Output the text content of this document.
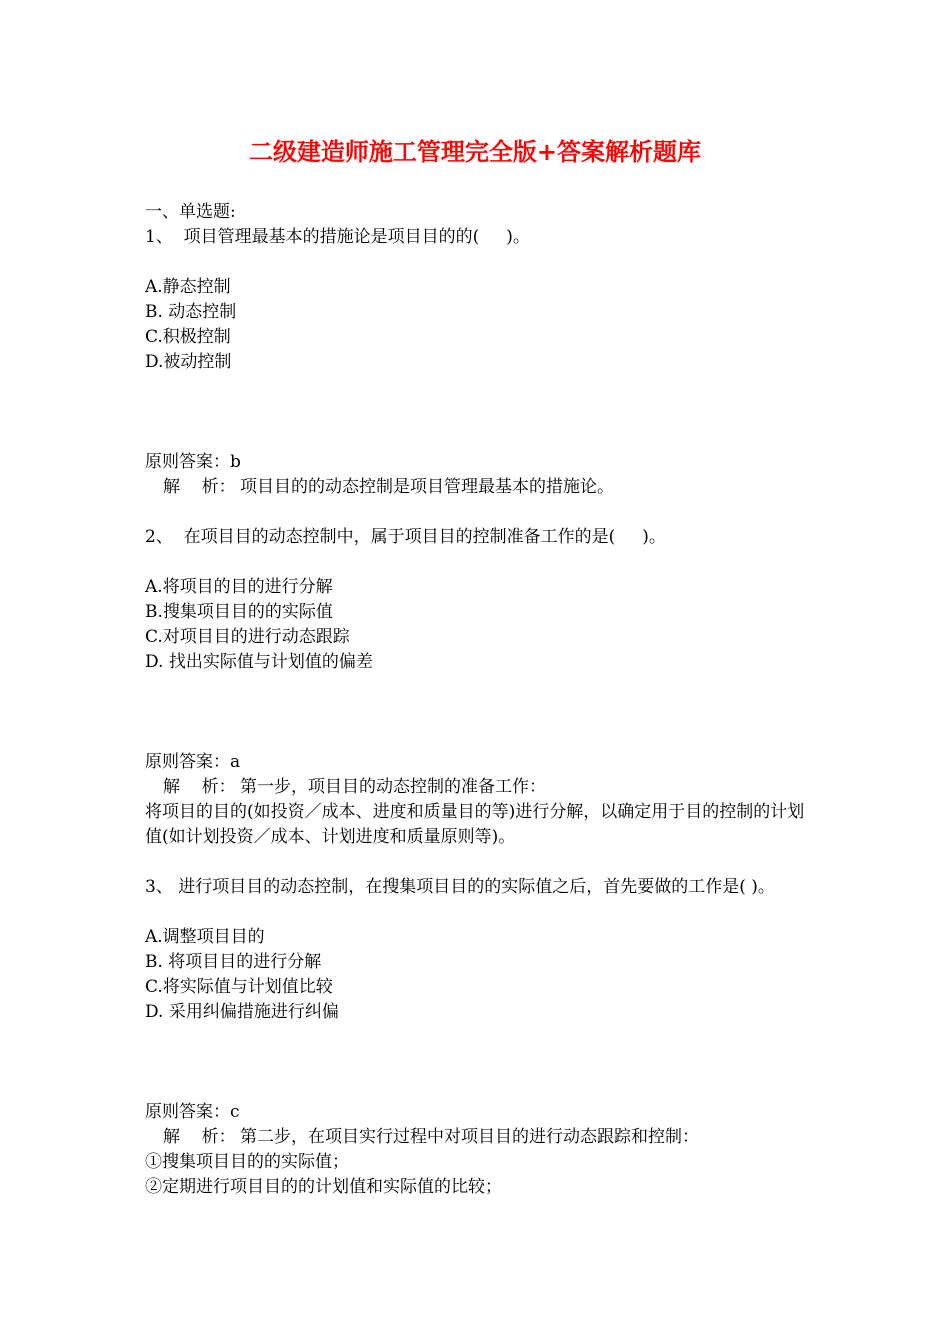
二级建造师施工管理完全版+答案解析题库
一、单选题:
1、  项目管理最基本的措施论是项目目的的(     )。
A.静态控制
B. 动态控制
C.积极控制
D.被动控制
原则答案：b
解    析： 项目目的的动态控制是项目管理最基本的措施论。
2、  在项目目的动态控制中，属于项目目的控制准备工作的是(     )。
A.将项目的目的进行分解
B.搜集项目目的的实际值
C.对项目目的进行动态跟踪
D. 找出实际值与计划值的偏差
原则答案：a
解    析： 第一步，项目目的动态控制的准备工作：
将项目的目的(如投资／成本、进度和质量目的等)进行分解，以确定用于目的控制的计划值(如计划投资／成本、计划进度和质量原则等)。
3、 进行项目目的动态控制，在搜集项目目的的实际值之后，首先要做的工作是( )。
A.调整项目目的
B. 将项目目的进行分解
C.将实际值与计划值比较
D. 采用纠偏措施进行纠偏
原则答案：c
解    析： 第二步，在项目实行过程中对项目目的进行动态跟踪和控制：
①搜集项目目的的实际值；
②定期进行项目目的的计划值和实际值的比较；
